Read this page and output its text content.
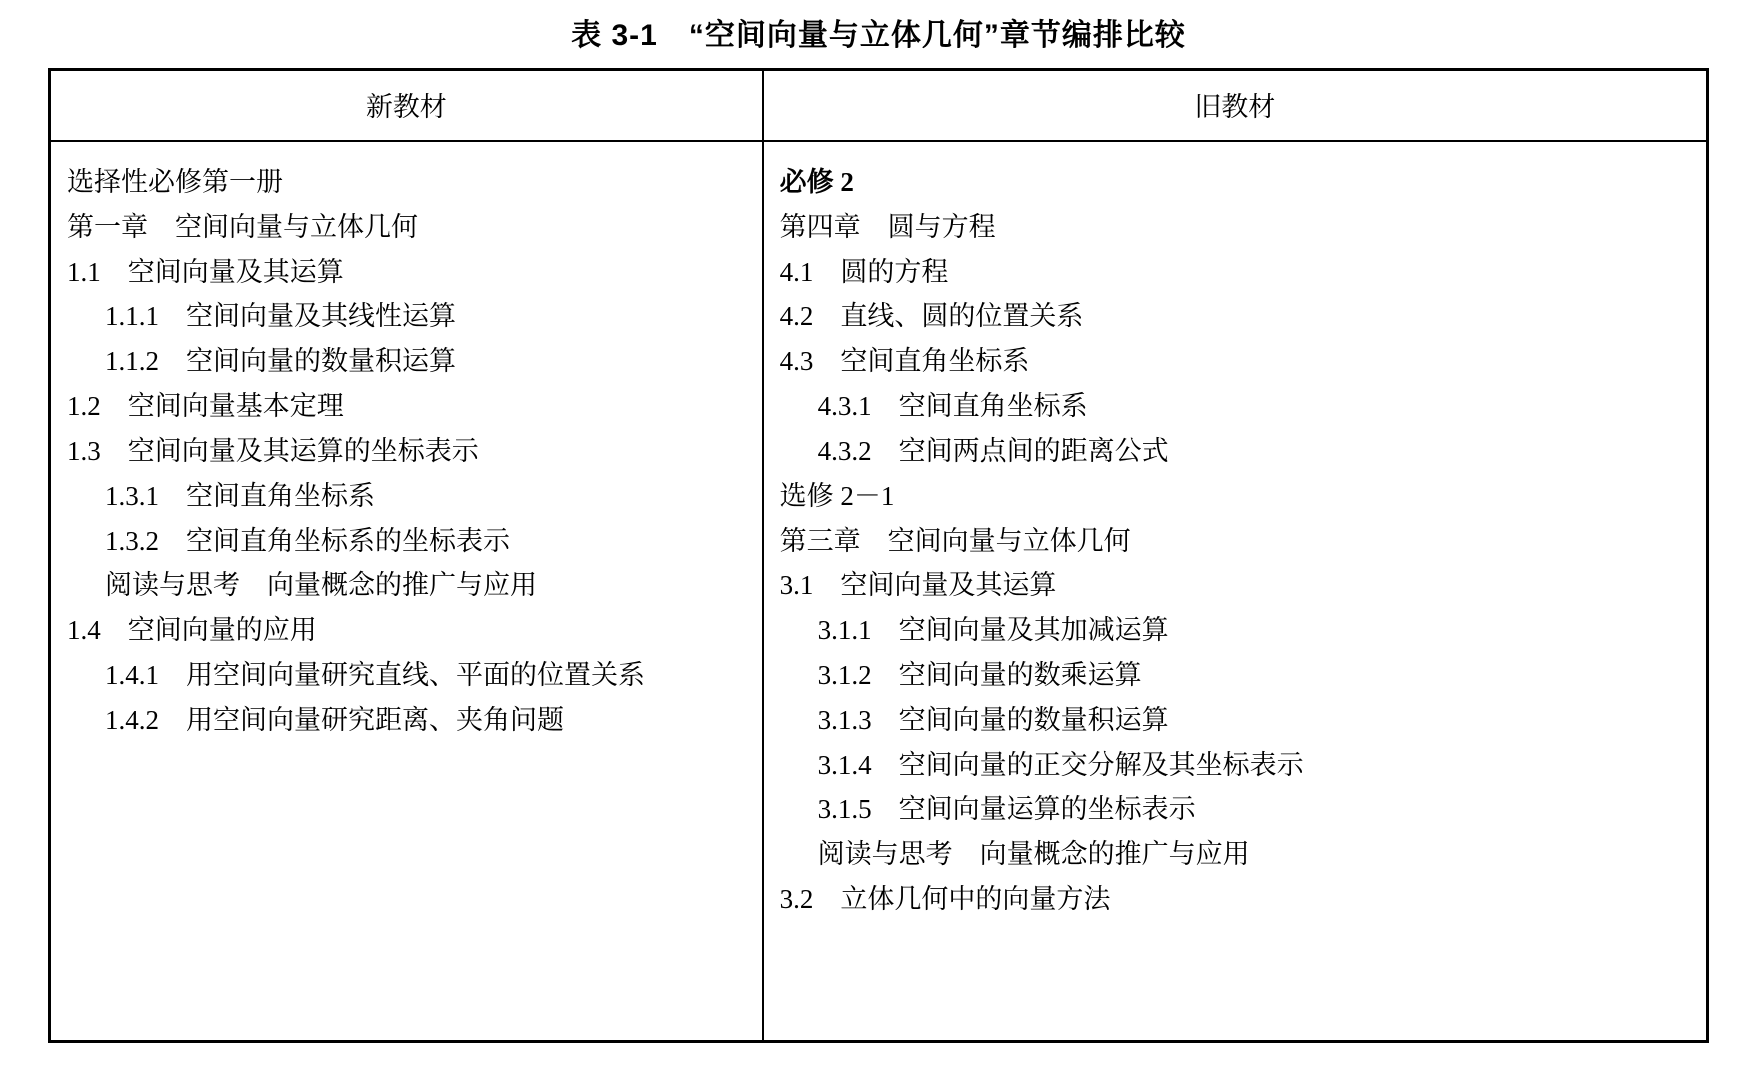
表 3‑1　“空间向量与立体几何”章节编排比较
新教材	旧教材

选择性必修第一册
第一章　空间向量与立体几何
1.1　空间向量及其运算
1.1.1　空间向量及其线性运算
1.1.2　空间向量的数量积运算
1.2　空间向量基本定理
1.3　空间向量及其运算的坐标表示
1.3.1　空间直角坐标系
1.3.2　空间直角坐标系的坐标表示
阅读与思考　向量概念的推广与应用
1.4　空间向量的应用
1.4.1　用空间向量研究直线、平面的位置关系
1.4.2　用空间向量研究距离、夹角问题

必修 2
第四章　圆与方程
4.1　圆的方程
4.2　直线、圆的位置关系
4.3　空间直角坐标系
4.3.1　空间直角坐标系
4.3.2　空间两点间的距离公式
选修 2－1
第三章　空间向量与立体几何
3.1　空间向量及其运算
3.1.1　空间向量及其加减运算
3.1.2　空间向量的数乘运算
3.1.3　空间向量的数量积运算
3.1.4　空间向量的正交分解及其坐标表示
3.1.5　空间向量运算的坐标表示
阅读与思考　向量概念的推广与应用
3.2　立体几何中的向量方法
